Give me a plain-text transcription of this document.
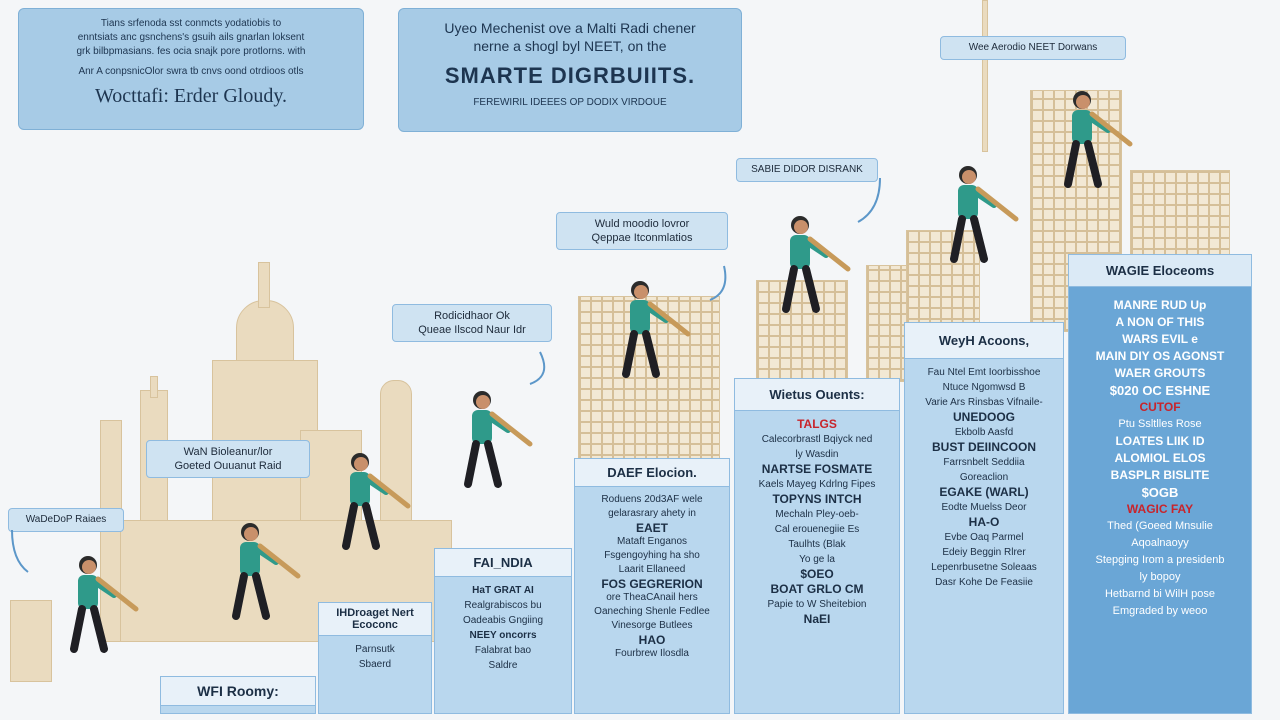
Tians srfenoda sst conmcts yodatiobis to
enntsiats anc gsnchens's gsuih ails gnarlan loksent
grk bilbpmasians. fes ocia snajk pore protlorns. with
Anr A conpsnicOlor swra tb cnvs oond otrdioos otls
Wocttafi: Erder Gloudy.
Uyeo Mechenist ove a Malti Radi chener
nerne a shogl byl NEET, on the
SMARTE DIGRBUIITS.
FEREWIRIL IDEEES OP DODIX VIRDOUE
Wee Aerodio NEET Dorwans
SABIE DIDOR DISRANK
Wuld moodio lovror
Qeppae Itconmlatios
Rodicidhaor Ok
Queae Ilscod Naur Idr
WaN Bioleanur/lor
Goeted Ouuanut Raid
WaDeDoP Raiaes
WFI Roomy:
IHDroaget Nert Ecoconc
Parnsutk
Sbaerd
FAI_NDIA
HaT GRAT AI
Realgrabiscos bu
Oadeabis Gngiing
NEEY oncorrs
Falabrat bao
Saldre
DAEF Elocion.
Roduens 20d3AF wele
gelarasrary ahety in
EAET
Mataft Enganos
Fsgengoyhing ha sho
Laarit Ellaneed
FOS GEGRERION
ore TheaCAnail hers
Oaneching Shenle Fedlee
Vinesorge Butlees
HAO
Fourbrew Ilosdla
Wietus Ouents:
TALGS
Calecorbrastl Bqiyck ned
ly Wasdin
NARTSE FOSMATE
Kaels Mayeg Kdrlng Fipes
TOPYNS INTCH
Mechaln Pley-oeb-
Cal erouenegiie Es
Taulhts (Blak
Yo ge la
$OEO
BOAT GRLO CM
Papie to W Sheitebion
NaEI
WeyH Acoons,
Fau Ntel Emt Ioorbisshoe
Ntuce Ngomwsd B
Varie Ars Rinsbas Vifnaile-
UNEDOOG
Ekbolb Aasfd
BUST DEIINCOON
Farrsnbelt Seddiia
Goreaclion
EGAKE (WARL)
Eodte Muelss Deor
HA-O
Evbe Oaq Parmel
Edeiy Beggin Rlrer
Lepenrbusetne Soleaas
Dasr Kohe De Feasiie
WAGIE Eloceoms
MANRE RUD Up
A NON OF THIS
WARS EVIL e
MAIN DIY OS AGONST
WAER GROUTS
$020 OC ESHNE
CUTOF
Ptu Ssltlles Rose
LOATES LIIK ID
ALOMIOL ELOS
BASPLR BISLITE
$OGB
WAGIC FAY
Thed (Goeed Mnsulie
Aqoalnaoyy
Stepging Irom a presidenb
ly bopoy
Hetbarnd bi WilH pose
Emgraded by weoo
